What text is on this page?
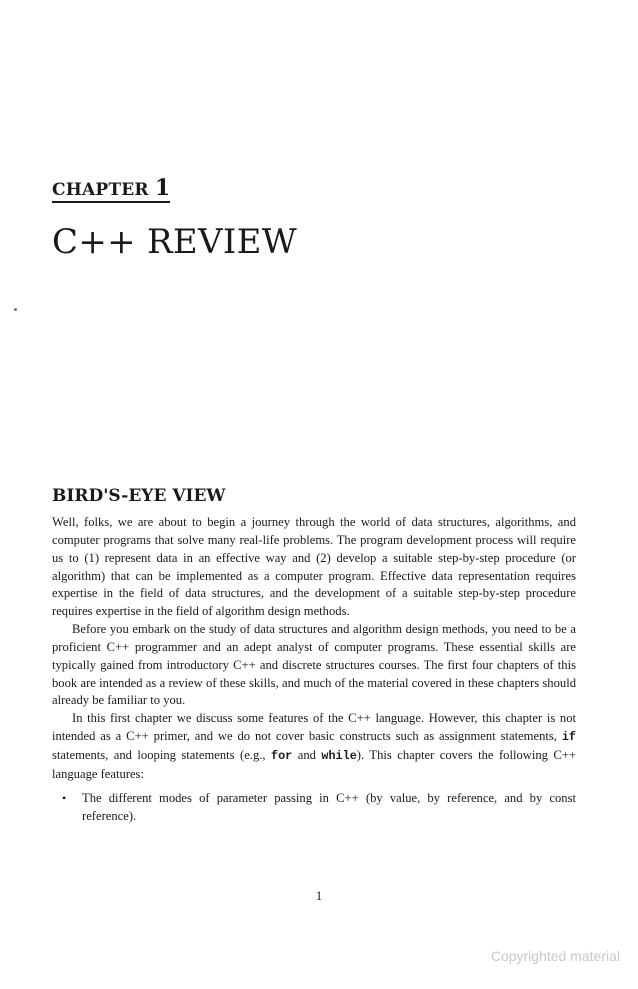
CHAPTER 1
C++ REVIEW
BIRD'S-EYE VIEW

Well, folks, we are about to begin a journey through the world of data structures, algorithms, and computer programs that solve many real-life problems. The program development process will require us to (1) represent data in an effective way and (2) develop a suitable step-by-step procedure (or algorithm) that can be implemented as a computer program. Effective data representation requires expertise in the field of data structures, and the development of a suitable step-by-step procedure requires expertise in the field of algorithm design methods.

Before you embark on the study of data structures and algorithm design methods, you need to be a proficient C++ programmer and an adept analyst of computer programs. These essential skills are typically gained from introductory C++ and discrete structures courses. The first four chapters of this book are intended as a review of these skills, and much of the material covered in these chapters should already be familiar to you.

In this first chapter we discuss some features of the C++ language. However, this chapter is not intended as a C++ primer, and we do not cover basic constructs such as assignment statements, if statements, and looping statements (e.g., for and while). This chapter covers the following C++ language features:

• The different modes of parameter passing in C++ (by value, by reference, and by const reference).
1
Copyrighted material
